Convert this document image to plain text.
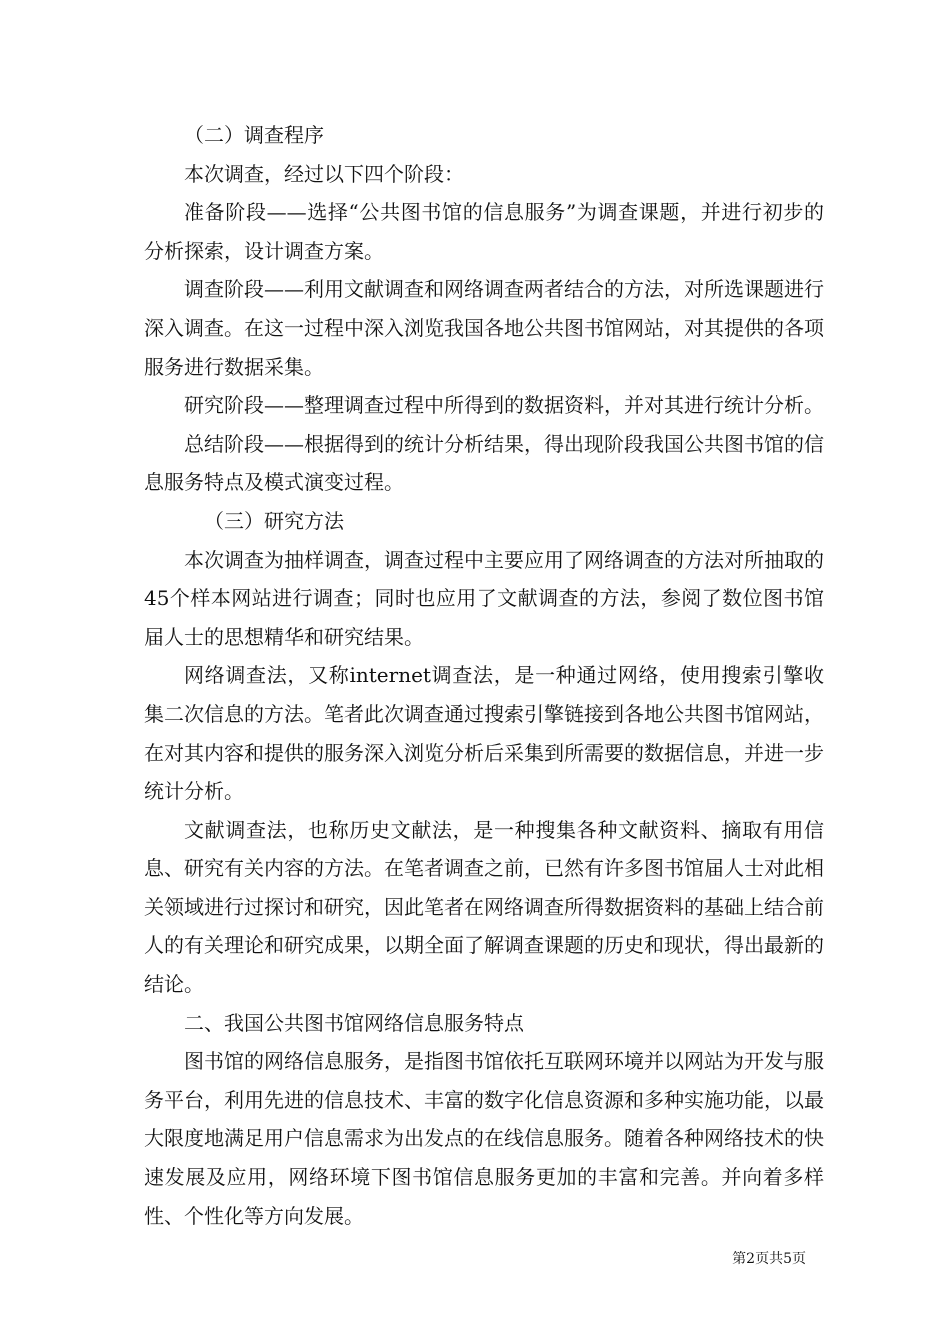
（二）调查程序

本次调查，经过以下四个阶段：

准备阶段——选择“公共图书馆的信息服务”为调查课题，并进行初步的分析探索，设计调查方案。

调查阶段——利用文献调查和网络调查两者结合的方法，对所选课题进行深入调查。在这一过程中深入浏览我国各地公共图书馆网站，对其提供的各项服务进行数据采集。

研究阶段——整理调查过程中所得到的数据资料，并对其进行统计分析。

总结阶段——根据得到的统计分析结果，得出现阶段我国公共图书馆的信息服务特点及模式演变过程。

（三）研究方法

本次调查为抽样调查，调查过程中主要应用了网络调查的方法对所抽取的45个样本网站进行调查；同时也应用了文献调查的方法，参阅了数位图书馆届人士的思想精华和研究结果。

网络调查法，又称internet调查法，是一种通过网络，使用搜索引擎收集二次信息的方法。笔者此次调查通过搜索引擎链接到各地公共图书馆网站，在对其内容和提供的服务深入浏览分析后采集到所需要的数据信息，并进一步统计分析。

文献调查法，也称历史文献法，是一种搜集各种文献资料、摘取有用信息、研究有关内容的方法。在笔者调查之前，已然有许多图书馆届人士对此相关领域进行过探讨和研究，因此笔者在网络调查所得数据资料的基础上结合前人的有关理论和研究成果，以期全面了解调查课题的历史和现状，得出最新的结论。

二、我国公共图书馆网络信息服务特点

图书馆的网络信息服务，是指图书馆依托互联网环境并以网站为开发与服务平台，利用先进的信息技术、丰富的数字化信息资源和多种实施功能，以最大限度地满足用户信息需求为出发点的在线信息服务。随着各种网络技术的快速发展及应用，网络环境下图书馆信息服务更加的丰富和完善。并向着多样性、个性化等方向发展。

第2页共5页
